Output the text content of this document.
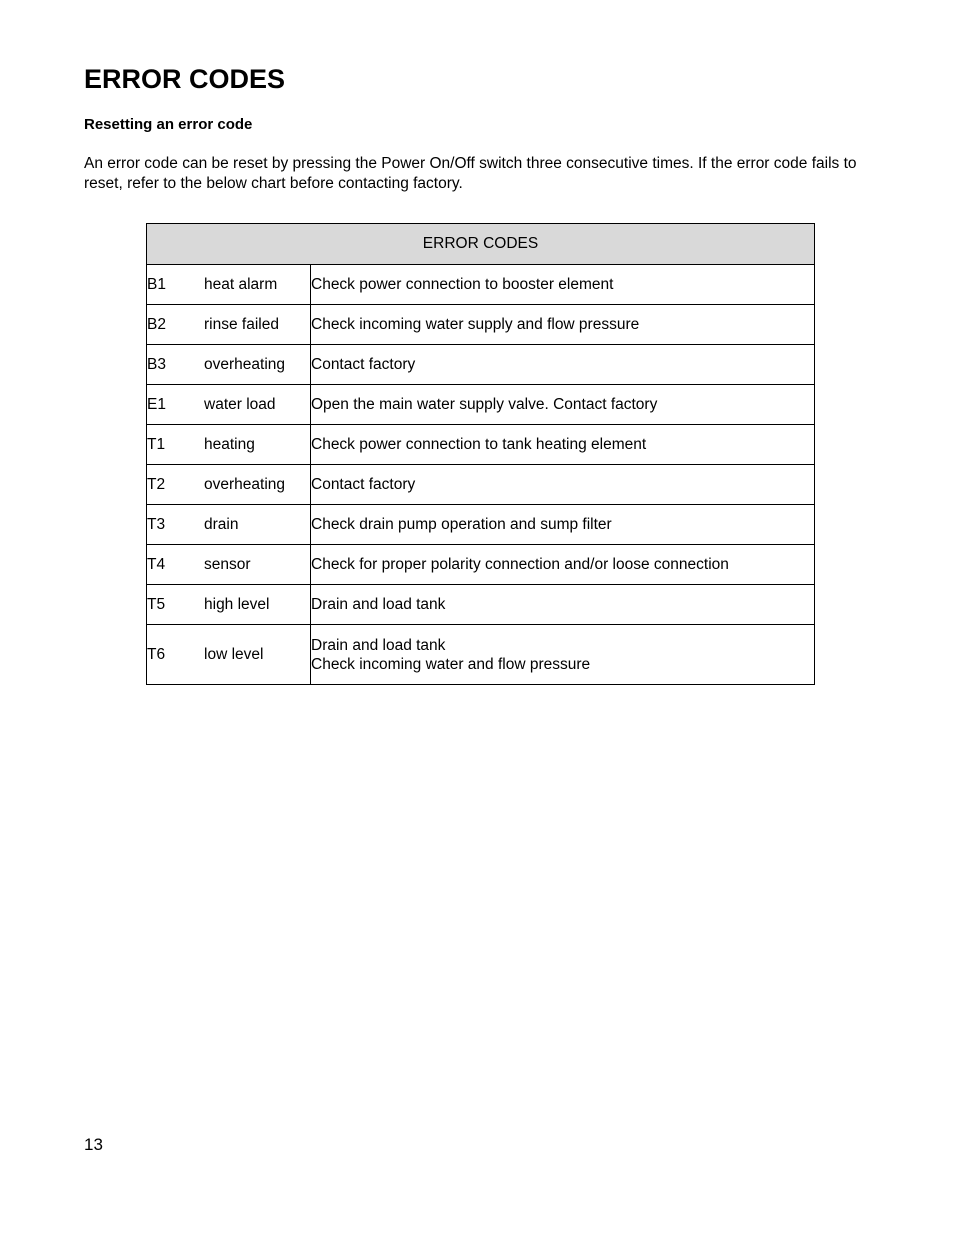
ERROR CODES
Resetting an error code

An error code can be reset by pressing the Power On/Off switch three consecutive times. If the error code fails to reset, refer to the below chart before contacting factory.

ERROR CODES	
B1 heat alarm	Check power connection to booster element

B2 rinse failed	Check incoming water supply and flow pressure

B3 overheating	Contact factory

E1 water load	Open the main water supply valve. Contact factory

T1 heating	Check power connection to tank heating element

T2 overheating	Contact factory

T3 drain	Check drain pump operation and sump filter

T4 sensor	Check for proper polarity connection and/or loose connection

T5 high level	Drain and load tank

T6 low level	Drain and load tank
Check incoming water and flow pressure

13
